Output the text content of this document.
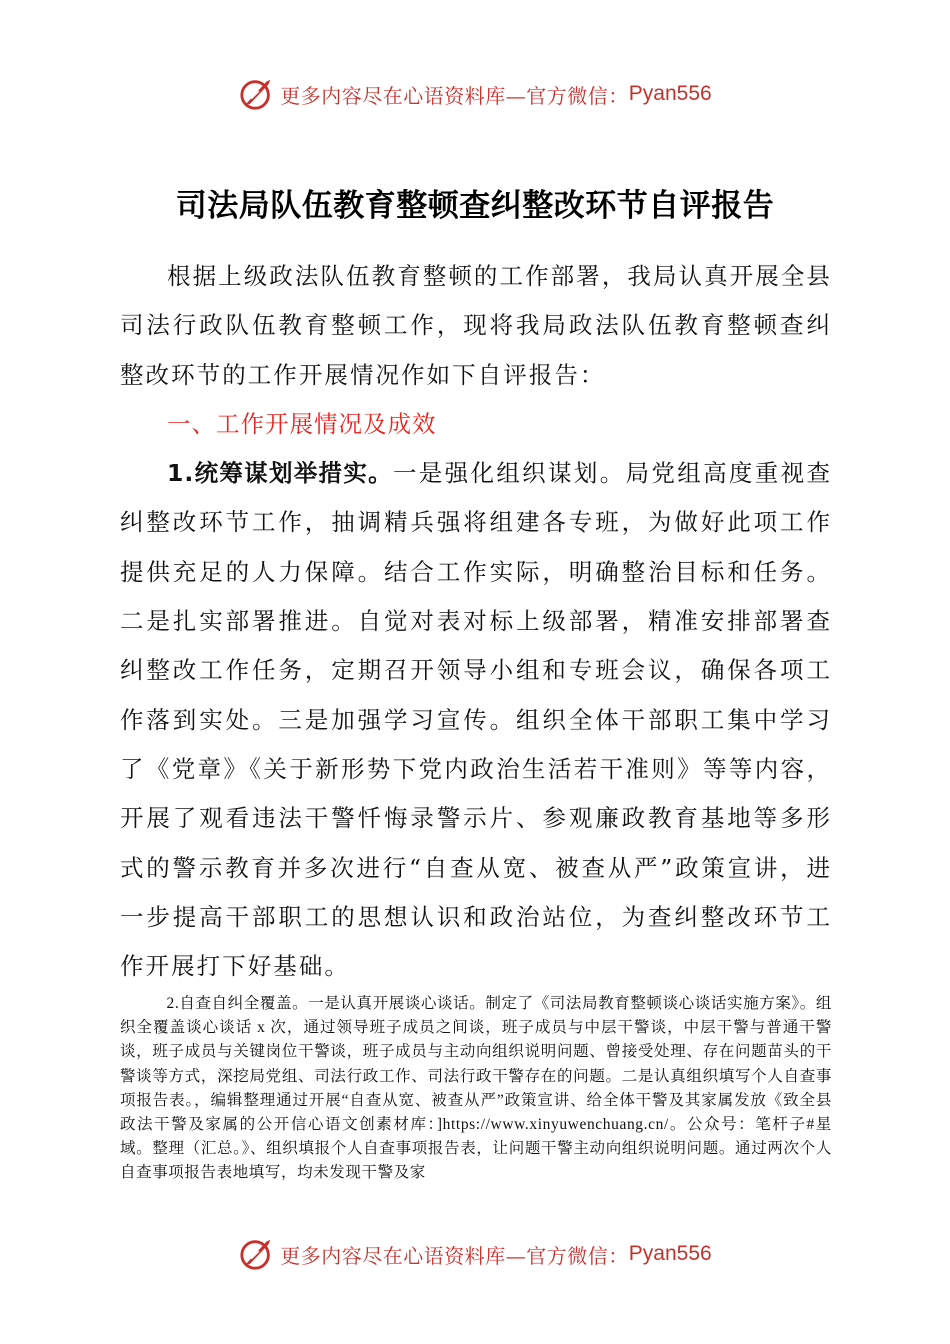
更多内容尽在心语资料库—官方微信： Pyan556
司法局队伍教育整顿查纠整改环节自评报告

根据上级政法队伍教育整顿的工作部署，我局认真开展全县司法行政队伍教育整顿工作，现将我局政法队伍教育整顿查纠整改环节的工作开展情况作如下自评报告：

一、工作开展情况及成效

1.统筹谋划举措实。一是强化组织谋划。局党组高度重视查纠整改环节工作，抽调精兵强将组建各专班，为做好此项工作提供充足的人力保障。结合工作实际，明确整治目标和任务。二是扎实部署推进。自觉对表对标上级部署，精准安排部署查纠整改工作任务，定期召开领导小组和专班会议，确保各项工作落到实处。三是加强学习宣传。组织全体干部职工集中学习了《党章》《关于新形势下党内政治生活若干准则》等等内容，开展了观看违法干警忏悔录警示片、参观廉政教育基地等多形式的警示教育并多次进行“自查从宽、被查从严”政策宣讲，进一步提高干部职工的思想认识和政治站位，为查纠整改环节工作开展打下好基础。

2.自查自纠全覆盖。一是认真开展谈心谈话。制定了《司法局教育整顿谈心谈话实施方案》。组织全覆盖谈心谈话 x 次，通过领导班子成员之间谈，班子成员与中层干警谈，中层干警与普通干警谈，班子成员与关键岗位干警谈，班子成员与主动向组织说明问题、曾接受处理、存在问题苗头的干警谈等方式，深挖局党组、司法行政工作、司法行政干警存在的问题。二是认真组织填写个人自查事项报告表。，编辑整理通过开展“自查从宽、被查从严”政策宣讲、给全体干警及其家属发放《致全县政法干警及家属的公开信心语文创素材库：]https://www.xinyuwenchuang.cn/。公众号：笔杆子#星域。整理（汇总。》、组织填报个人自查事项报告表，让问题干警主动向组织说明问题。通过两次个人自查事项报告表地填写，均未发现干警及家

更多内容尽在心语资料库—官方微信： Pyan556
